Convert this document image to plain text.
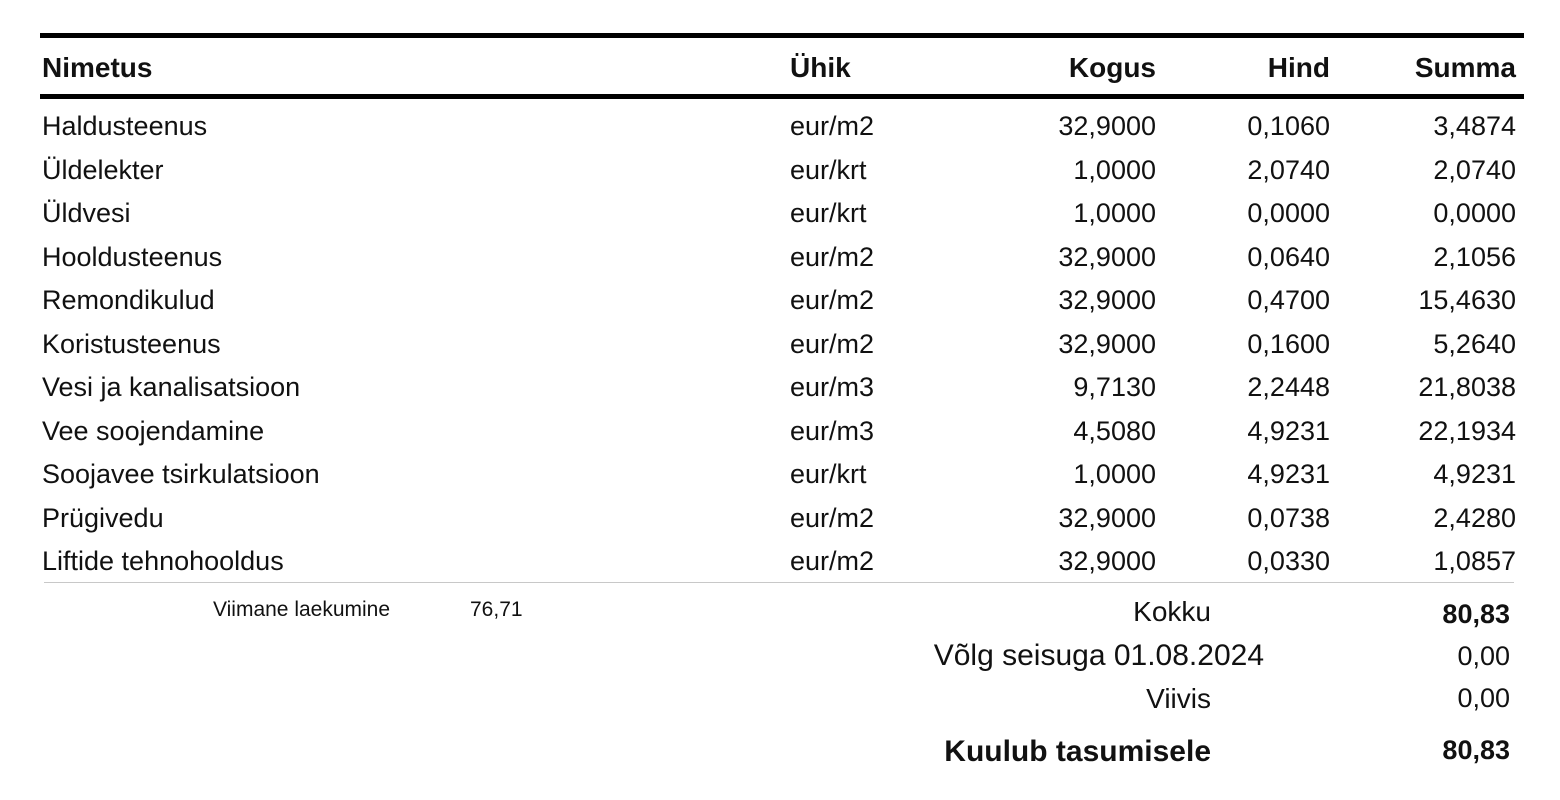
Nimetus	Ühik	Kogus	Hind	Summa
Haldusteenus	eur/m2	32,9000	0,1060	3,4874
Üldelekter	eur/krt	1,0000	2,0740	2,0740
Üldvesi	eur/krt	1,0000	0,0000	0,0000
Hooldusteenus	eur/m2	32,9000	0,0640	2,1056
Remondikulud	eur/m2	32,9000	0,4700	15,4630
Koristusteenus	eur/m2	32,9000	0,1600	5,2640
Vesi ja kanalisatsioon	eur/m3	9,7130	2,2448	21,8038
Vee soojendamine	eur/m3	4,5080	4,9231	22,1934
Soojavee tsirkulatsioon	eur/krt	1,0000	4,9231	4,9231
Prügivedu	eur/m2	32,9000	0,0738	2,4280
Liftide tehnohooldus	eur/m2	32,9000	0,0330	1,0857
Viimane laekumine	76,71	Kokku	80,83
Võlg seisuga 01.08.2024	0,00
Viivis	0,00
Kuulub tasumisele	80,83
